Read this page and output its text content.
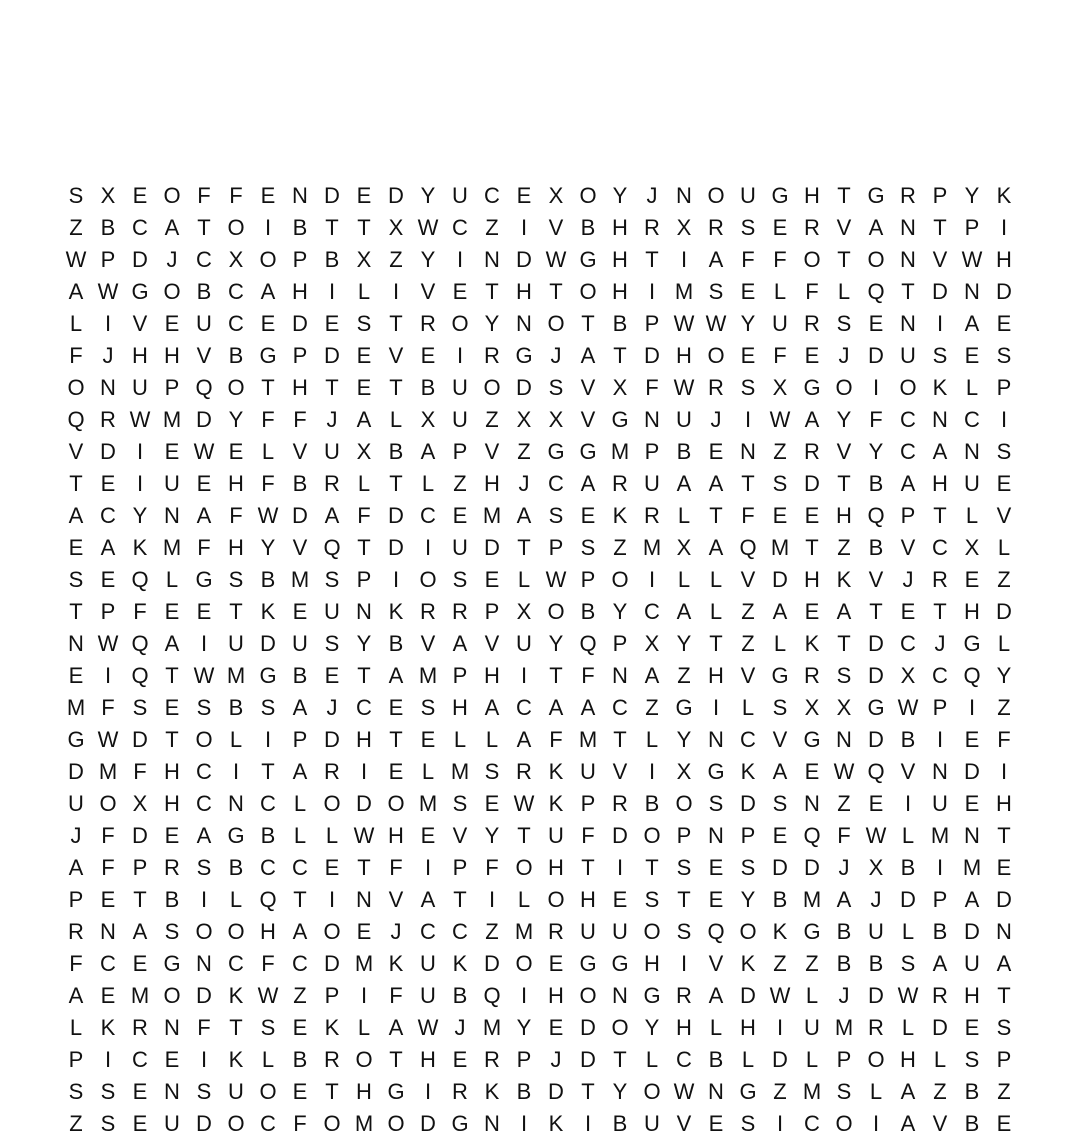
S X E O F F E N D E D Y U C E X O Y J N O U G H T G R P Y K
Z B C A T O I B T T X W C Z	I V B H R X R S E R V A N T P I
W P D J C X O P B X Z Y I N D W G H T	I A F F O T O N V W H
A W G O B C A H I	L	I V E T H T O H I M S E L F L Q T D N D
L	I V E U C E D E S T R O Y N O T B P W W Y U R S E N I A E
F J H H V B G P D E V E I R G J A T D H O E F E J D U S E S
O N U P Q O T H T E T B U O D S V X F W R S X G O I O K L P
Q R W M D Y F F J A L X U Z X X V G N U J	I W A Y F C N C I
V D I E W E L V U X B A P V Z G G M P B E N Z R V Y C A N S
T E I U E H F B R L T L Z H J C A R U A A T S D T B A H U E
A C Y N A F W D A F D C E M A S E K R L T F E E H Q P T L V
E A K M F H Y V Q T D I U D T P S Z M X A Q M T Z B V C X L
S E Q L G S B M S P I O S E L W P O I	L L V D H K V J R E Z
T P F E E T K E U N K R R P X O B Y C A L Z A E A T E T H D
N W Q A I U D U S Y B V A V U Y Q P X Y T Z L K T D C J G L
E I Q T W M G B E T A M P H I	T F N A Z H V G R S D X C Q Y
M F S E S B S A J C E S H A C A A C Z G I	L S X X G W P I	Z
G W D T O L	I P D H T E L L A F M T L Y N C V G N D B I E F
D M F H C I	T A R I E L M S R K U V I X G K A E W Q V N D I
U O X H C N C L O D O M S E W K P R B O S D S N Z E I U E H
J F D E A G B L L W H E V Y T U F D O P N P E Q F W L M N T
A F P R S B C C E T F	I P F O H T	I	T S E S D D J X B I M E
P E T B I	L Q T	I N V A T	I	L O H E S T E Y B M A J D P A D
R N A S O O H A O E J C C Z M R U U O S Q O K G B U L B D N
F C E G N C F C D M K U K D O E G G H I V K Z Z B B S A U A
A E M O D K W Z P I	F U B Q I H O N G R A D W L J D W R H T
L K R N F T S E K L A W J M Y E D O Y H L H I U M R L D E S
P I C E I K L B R O T H E R P J D T L C B L D L P O H L S P
S S E N S U O E T H G I R K B D T Y O W N G Z M S L A Z B Z
Z S E U D O C F O M O D G N I K I B U V E S I C O I A V B E
